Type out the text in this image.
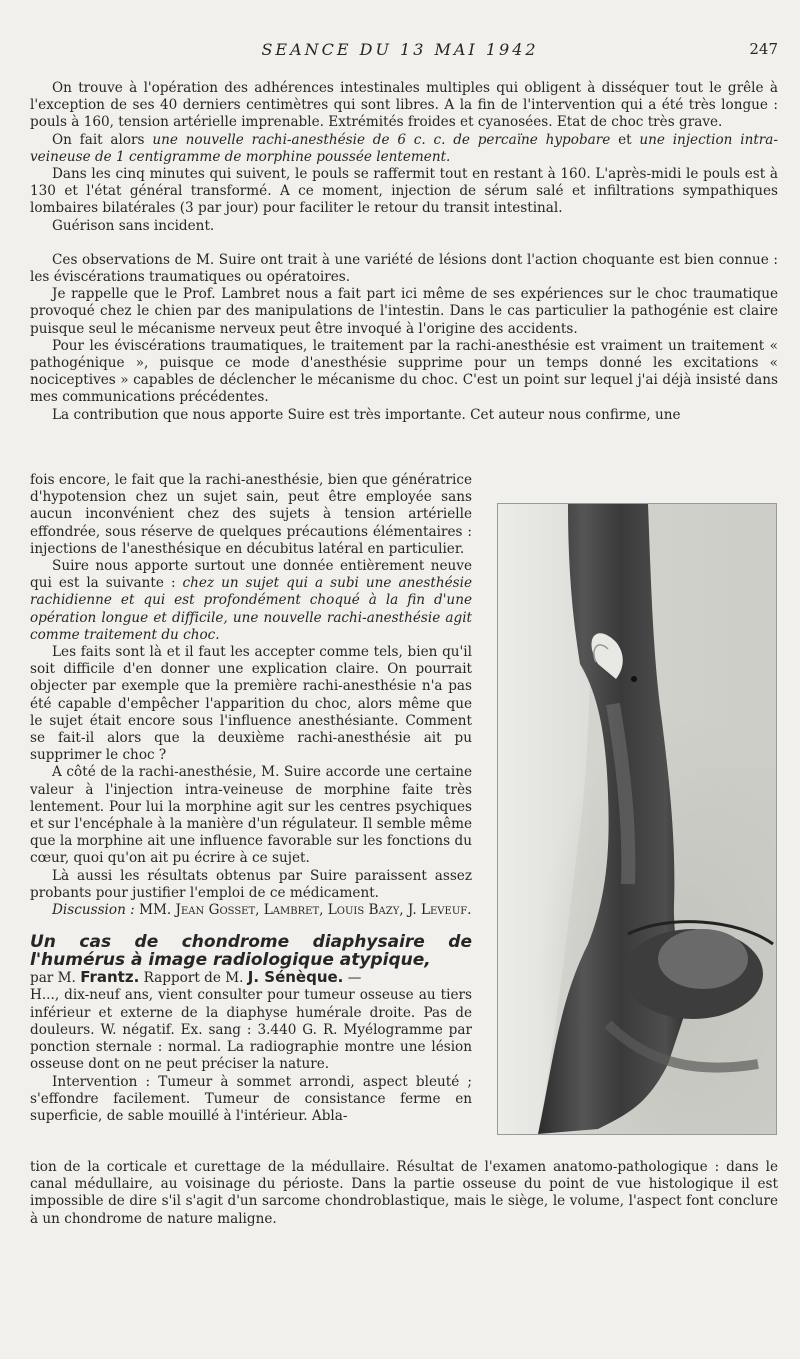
SEANCE DU 13 MAI 1942	247

On trouve à l'opération des adhérences intestinales multiples qui obligent à disséquer tout le grêle à l'exception de ses 40 derniers centimètres qui sont libres. A la fin de l'intervention qui a été très longue : pouls à 160, tension artérielle imprenable. Extrémités froides et cyanosées. Etat de choc très grave.

On fait alors une nouvelle rachi-anesthésie de 6 c. c. de percaïne hypobare et une injection intra-veineuse de 1 centigramme de morphine poussée lentement.

Dans les cinq minutes qui suivent, le pouls se raffermit tout en restant à 160. L'après-midi le pouls est à 130 et l'état général transformé. A ce moment, injection de sérum salé et infiltrations sympathiques lombaires bilatérales (3 par jour) pour faciliter le retour du transit intestinal.

Guérison sans incident.

Ces observations de M. Suire ont trait à une variété de lésions dont l'action choquante est bien connue : les éviscérations traumatiques ou opératoires.

Je rappelle que le Prof. Lambret nous a fait part ici même de ses expériences sur le choc traumatique provoqué chez le chien par des manipulations de l'intestin. Dans le cas particulier la pathogénie est claire puisque seul le mécanisme nerveux peut être invoqué à l'origine des accidents.

Pour les éviscérations traumatiques, le traitement par la rachi-anesthésie est vraiment un traitement « pathogénique », puisque ce mode d'anesthésie supprime pour un temps donné les excitations « nociceptives » capables de déclencher le mécanisme du choc. C'est un point sur lequel j'ai déjà insisté dans mes communications précédentes.

La contribution que nous apporte Suire est très importante. Cet auteur nous confirme, une

fois encore, le fait que la rachi-anesthésie, bien que génératrice d'hypotension chez un sujet sain, peut être employée sans aucun inconvénient chez des sujets à tension artérielle effondrée, sous réserve de quelques précautions élémentaires : injections de l'anesthésique en décubitus latéral en particulier.

Suire nous apporte surtout une donnée entièrement neuve qui est la suivante : chez un sujet qui a subi une anesthésie rachidienne et qui est profondément choqué à la fin d'une opération longue et difficile, une nouvelle rachi-anesthésie agit comme traitement du choc.

Les faits sont là et il faut les accepter comme tels, bien qu'il soit difficile d'en donner une explication claire. On pourrait objecter par exemple que la première rachi-anesthésie n'a pas été capable d'empêcher l'apparition du choc, alors même que le sujet était encore sous l'influence anesthésiante. Comment se fait-il alors que la deuxième rachi-anesthésie ait pu supprimer le choc ?

A côté de la rachi-anesthésie, M. Suire accorde une certaine valeur à l'injection intra-veineuse de morphine faite très lentement. Pour lui la morphine agit sur les centres psychiques et sur l'encéphale à la manière d'un régulateur. Il semble même que la morphine ait une influence favorable sur les fonctions du cœur, quoi qu'on ait pu écrire à ce sujet.

Là aussi les résultats obtenus par Suire paraissent assez probants pour justifier l'emploi de ce médicament.

Discussion : MM. Jean Gosset, Lambret, Louis Bazy, J. Leveuf.

Un cas de chondrome diaphysaire de l'humérus à image radiologique atypique,

par M. Frantz. Rapport de M. J. Sénèque. —

H..., dix-neuf ans, vient consulter pour tumeur osseuse au tiers inférieur et externe de la diaphyse humérale droite. Pas de douleurs. W. négatif. Ex. sang : 3.440 G. R. Myélogramme par ponction sternale : normal. La radiographie montre une lésion osseuse dont on ne peut préciser la nature.

Intervention : Tumeur à sommet arrondi, aspect bleuté ; s'effondre facilement. Tumeur de consistance ferme en superficie, de sable mouillé à l'intérieur. Abla-

tion de la corticale et curettage de la médullaire. Résultat de l'examen anatomo-pathologique : dans le canal médullaire, au voisinage du périoste. Dans la partie osseuse du point de vue histologique il est impossible de dire s'il s'agit d'un sarcome chondroblastique, mais le siège, le volume, l'aspect font conclure à un chondrome de nature maligne.
